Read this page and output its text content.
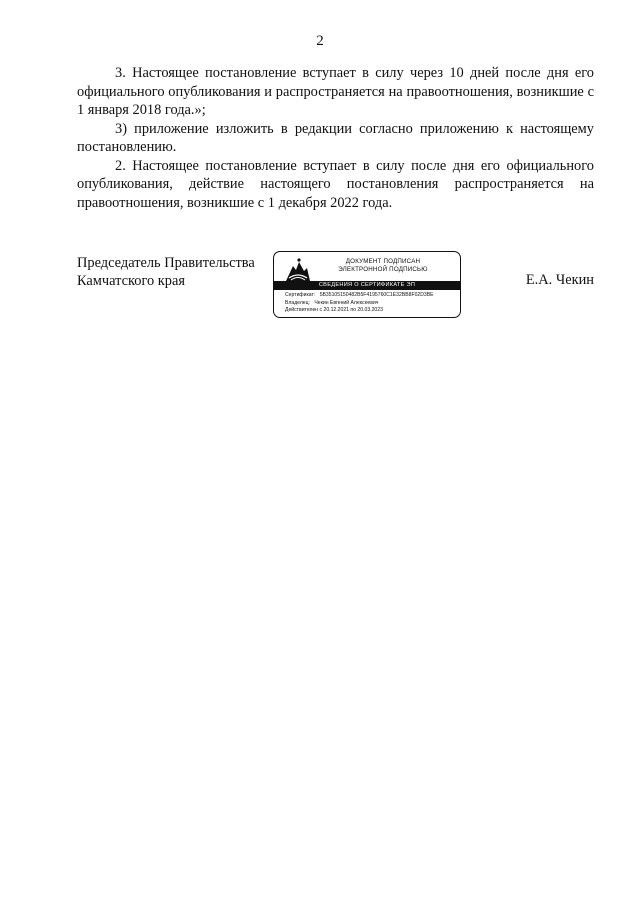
2

3. Настоящее постановление вступает в силу через 10 дней после дня его официального опубликования и распространяется на правоотношения, возникшие с 1 января 2018 года.»;

3) приложение изложить в редакции согласно приложению к настоящему постановлению.

2. Настоящее постановление вступает в силу после дня его официального опубликования, действие настоящего постановления распространяется на правоотношения, возникшие с 1 декабря 2022 года.

Председатель Правительства
Камчатского края
ДОКУМЕНТ ПОДПИСАН
ЭЛЕКТРОННОЙ ПОДПИСЬЮ
СВЕДЕНИЯ О СЕРТИФИКАТЕ ЭП
Сертификат: 5B35105150482B5F4195760C1E32BB8F02D3BE
Владелец: Чекин Евгений Алексеевич
Действителен с 20.12.2021 по 20.03.2023
Е.А. Чекин
